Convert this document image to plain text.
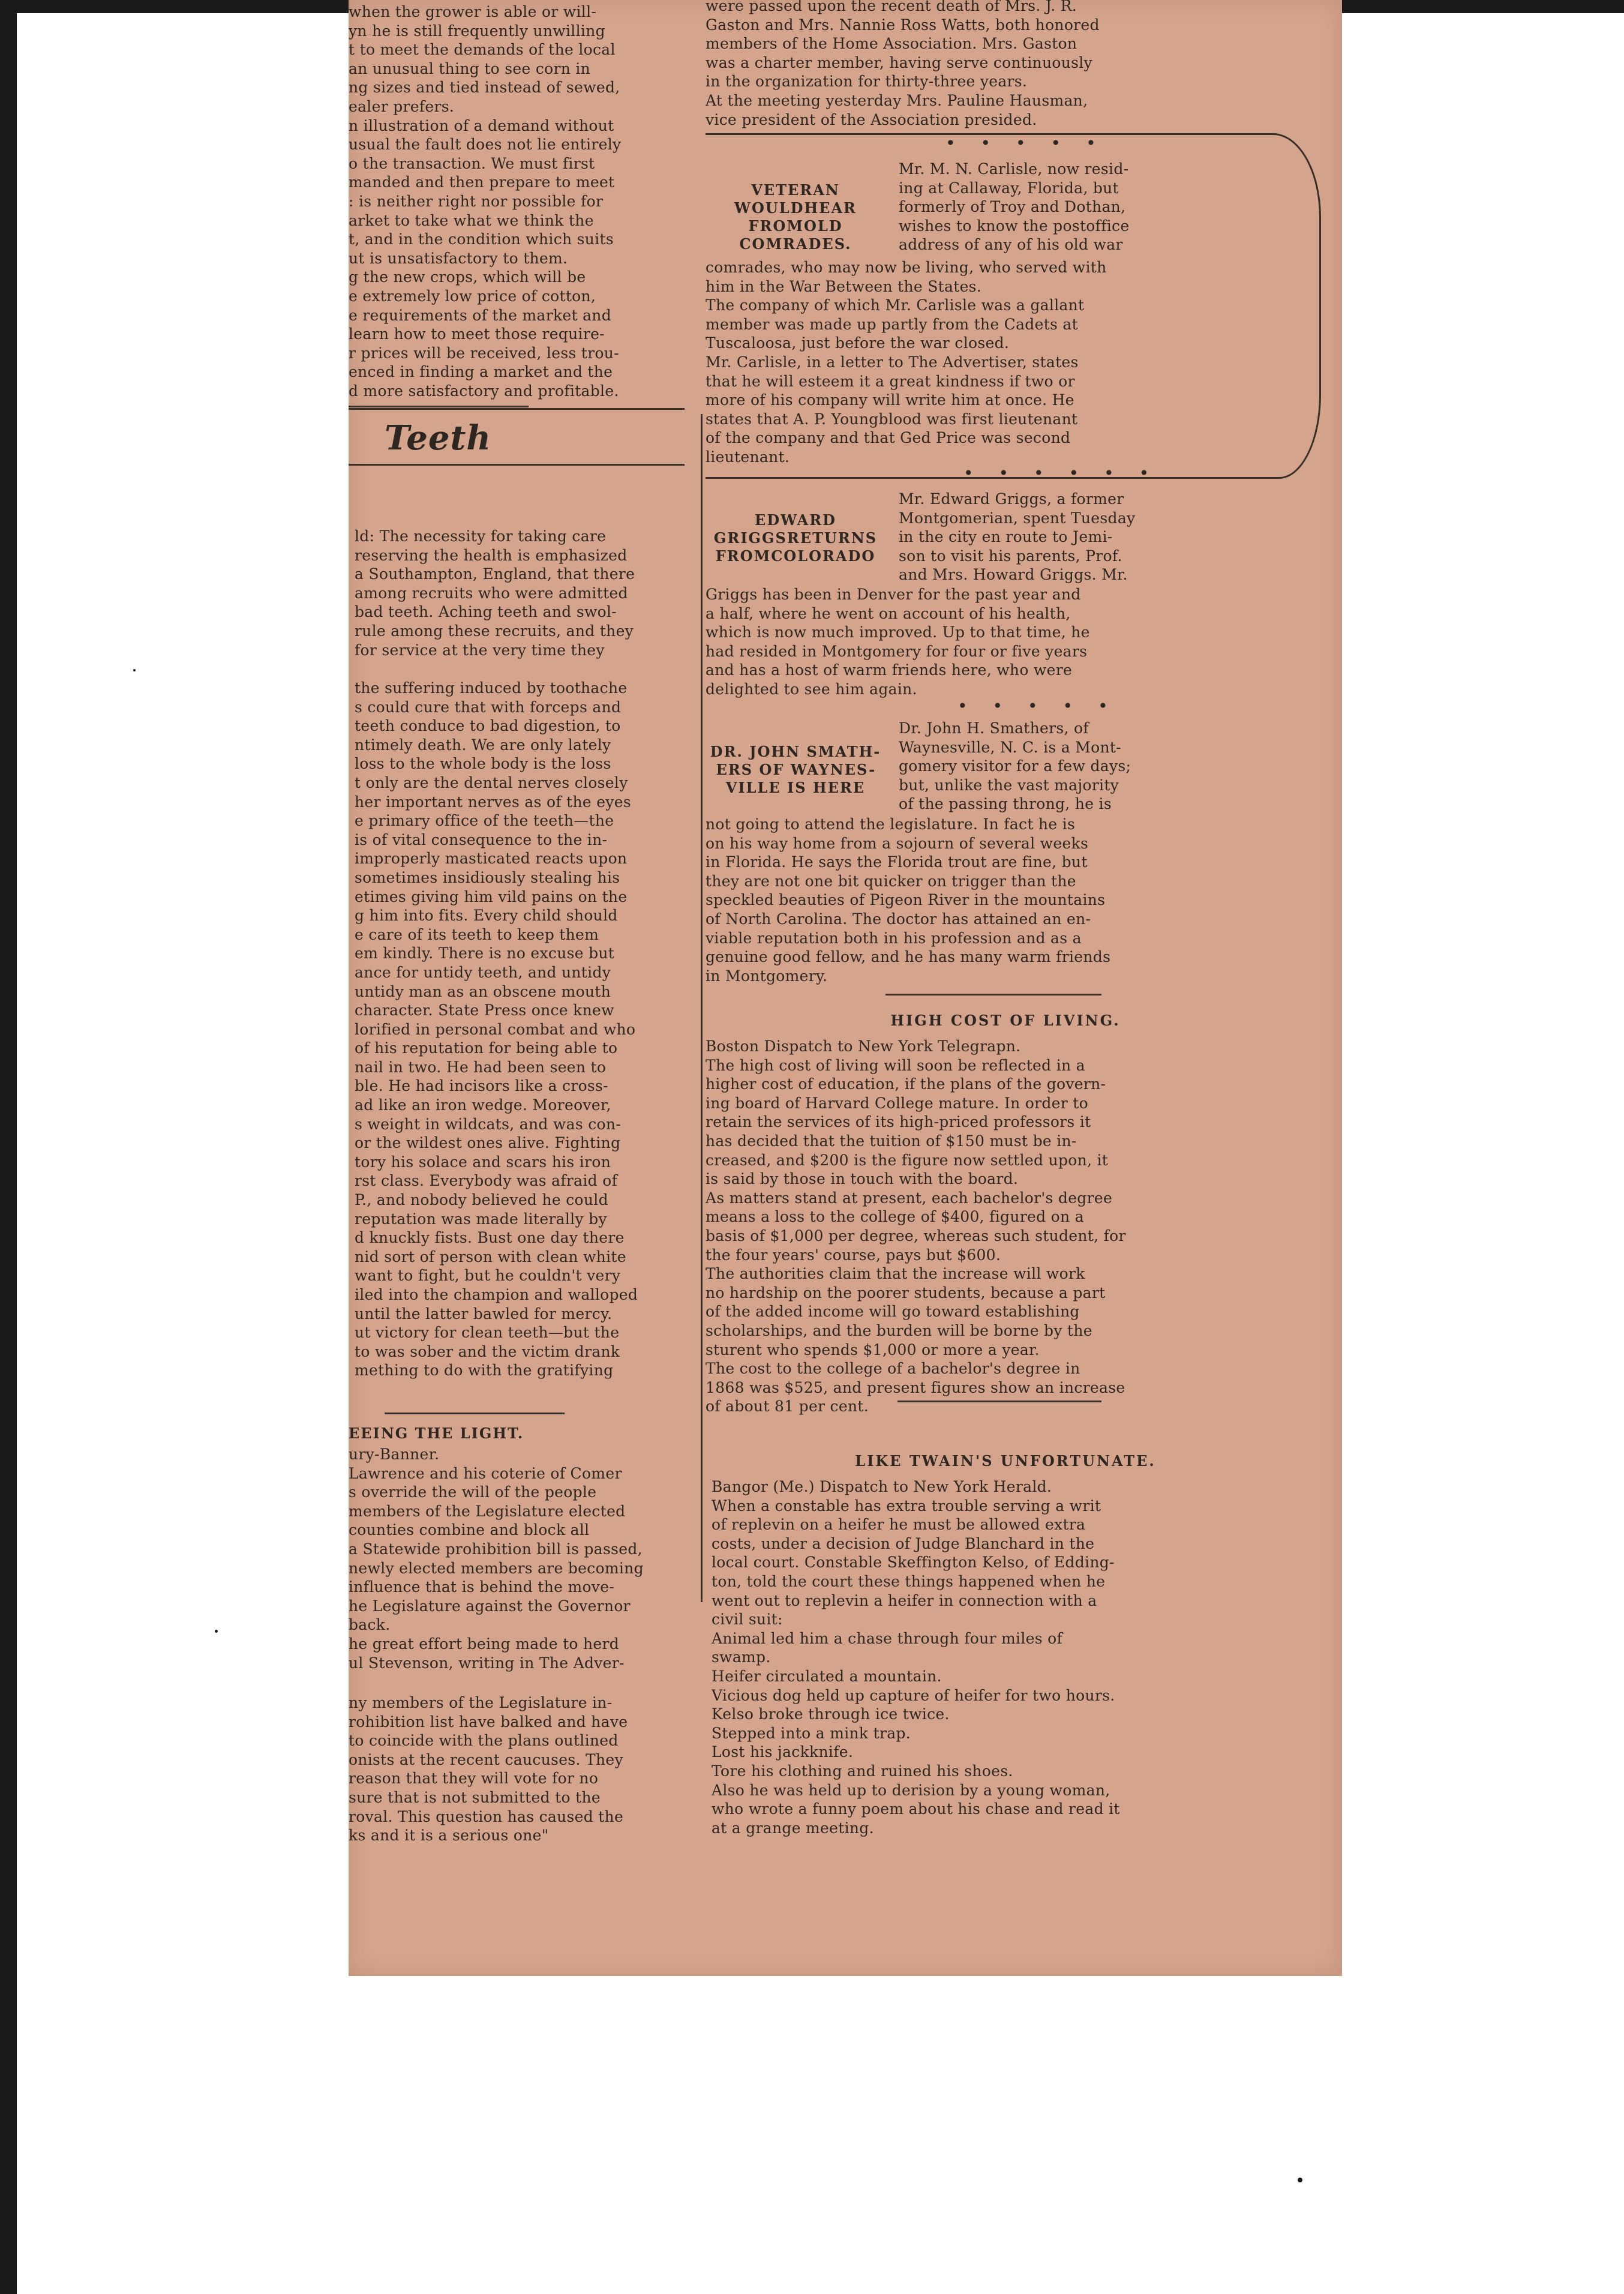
when the grower is able or will-
yn he is still frequently unwilling
t to meet the demands of the local
an unusual thing to see corn in
ng sizes and tied instead of sewed,
ealer prefers.
n illustration of a demand without
usual the fault does not lie entirely
o the transaction. We must first
manded and then prepare to meet
: is neither right nor possible for
arket to take what we think the
t, and in the condition which suits
ut is unsatisfactory to them.
g the new crops, which will be
e extremely low price of cotton,
e requirements of the market and
learn how to meet those require-
r prices will be received, less trou-
enced in finding a market and the
d more satisfactory and profitable.
Teeth
ld: The necessity for taking care
reserving the health is emphasized
a Southampton, England, that there
among recruits who were admitted
bad teeth. Aching teeth and swol-
rule among these recruits, and they
for service at the very time they
the suffering induced by toothache
s could cure that with forceps and
teeth conduce to bad digestion, to
ntimely death. We are only lately
loss to the whole body is the loss
t only are the dental nerves closely
her important nerves as of the eyes
e primary office of the teeth—the
is of vital consequence to the in-
improperly masticated reacts upon
sometimes insidiously stealing his
etimes giving him vild pains on the
g him into fits. Every child should
e care of its teeth to keep them
em kindly. There is no excuse but
ance for untidy teeth, and untidy
untidy man as an obscene mouth
character. State Press once knew
lorified in personal combat and who
of his reputation for being able to
nail in two. He had been seen to
ble. He had incisors like a cross-
ad like an iron wedge. Moreover,
s weight in wildcats, and was con-
or the wildest ones alive. Fighting
tory his solace and scars his iron
rst class. Everybody was afraid of
P., and nobody believed he could
reputation was made literally by
d knuckly fists. Bust one day there
nid sort of person with clean white
want to fight, but he couldn't very
iled into the champion and walloped
until the latter bawled for mercy.
ut victory for clean teeth—but the
to was sober and the victim drank
mething to do with the gratifying
EEING THE LIGHT.
ury-Banner.
Lawrence and his coterie of Comer
s override the will of the people
members of the Legislature elected
counties combine and block all
a Statewide prohibition bill is passed,
newly elected members are becoming
influence that is behind the move-
he Legislature against the Governor
back.
he great effort being made to herd
ul Stevenson, writing in The Adver-
ny members of the Legislature in-
rohibition list have balked and have
to coincide with the plans outlined
onists at the recent caucuses. They
reason that they will vote for no
sure that is not submitted to the
roval. This question has caused the
ks and it is a serious one"
were passed upon the recent death of Mrs. J. R.
Gaston and Mrs. Nannie Ross Watts, both honored
members of the Home Association. Mrs. Gaston
was a charter member, having serve continuously
in the organization for thirty-three years.
At the meeting yesterday Mrs. Pauline Hausman,
vice president of the Association presided.
•••••
VETERAN WOULDHEAR FROMOLD COMRADES.
Mr. M. N. Carlisle, now resid-
ing at Callaway, Florida, but
formerly of Troy and Dothan,
wishes to know the postoffice
address of any of his old war
comrades, who may now be living, who served with
him in the War Between the States.
The company of which Mr. Carlisle was a gallant
member was made up partly from the Cadets at
Tuscaloosa, just before the war closed.
Mr. Carlisle, in a letter to The Advertiser, states
that he will esteem it a great kindness if two or
more of his company will write him at once. He
states that A. P. Youngblood was first lieutenant
of the company and that Ged Price was second
lieutenant.
••••••
EDWARD GRIGGSRETURNS FROMCOLORADO
Mr. Edward Griggs, a former
Montgomerian, spent Tuesday
in the city en route to Jemi-
son to visit his parents, Prof.
and Mrs. Howard Griggs. Mr.
Griggs has been in Denver for the past year and
a half, where he went on account of his health,
which is now much improved. Up to that time, he
had resided in Montgomery for four or five years
and has a host of warm friends here, who were
delighted to see him again.
•••••
DR. JOHN SMATH-ERS OF WAYNES-VILLE IS HERE
Dr. John H. Smathers, of
Waynesville, N. C. is a Mont-
gomery visitor for a few days;
but, unlike the vast majority
of the passing throng, he is
not going to attend the legislature. In fact he is
on his way home from a sojourn of several weeks
in Florida. He says the Florida trout are fine, but
they are not one bit quicker on trigger than the
speckled beauties of Pigeon River in the mountains
of North Carolina. The doctor has attained an en-
viable reputation both in his profession and as a
genuine good fellow, and he has many warm friends
in Montgomery.
HIGH COST OF LIVING.
Boston Dispatch to New York Telegrapn.
The high cost of living will soon be reflected in a
higher cost of education, if the plans of the govern-
ing board of Harvard College mature. In order to
retain the services of its high-priced professors it
has decided that the tuition of $150 must be in-
creased, and $200 is the figure now settled upon, it
is said by those in touch with the board.
As matters stand at present, each bachelor's degree
means a loss to the college of $400, figured on a
basis of $1,000 per degree, whereas such student, for
the four years' course, pays but $600.
The authorities claim that the increase will work
no hardship on the poorer students, because a part
of the added income will go toward establishing
scholarships, and the burden will be borne by the
sturent who spends $1,000 or more a year.
The cost to the college of a bachelor's degree in
1868 was $525, and present figures show an increase
of about 81 per cent.
LIKE TWAIN'S UNFORTUNATE.
Bangor (Me.) Dispatch to New York Herald.
When a constable has extra trouble serving a writ
of replevin on a heifer he must be allowed extra
costs, under a decision of Judge Blanchard in the
local court. Constable Skeffington Kelso, of Edding-
ton, told the court these things happened when he
went out to replevin a heifer in connection with a
civil suit:
Animal led him a chase through four miles of
swamp.
Heifer circulated a mountain.
Vicious dog held up capture of heifer for two hours.
Kelso broke through ice twice.
Stepped into a mink trap.
Lost his jackknife.
Tore his clothing and ruined his shoes.
Also he was held up to derision by a young woman,
who wrote a funny poem about his chase and read it
at a grange meeting.
